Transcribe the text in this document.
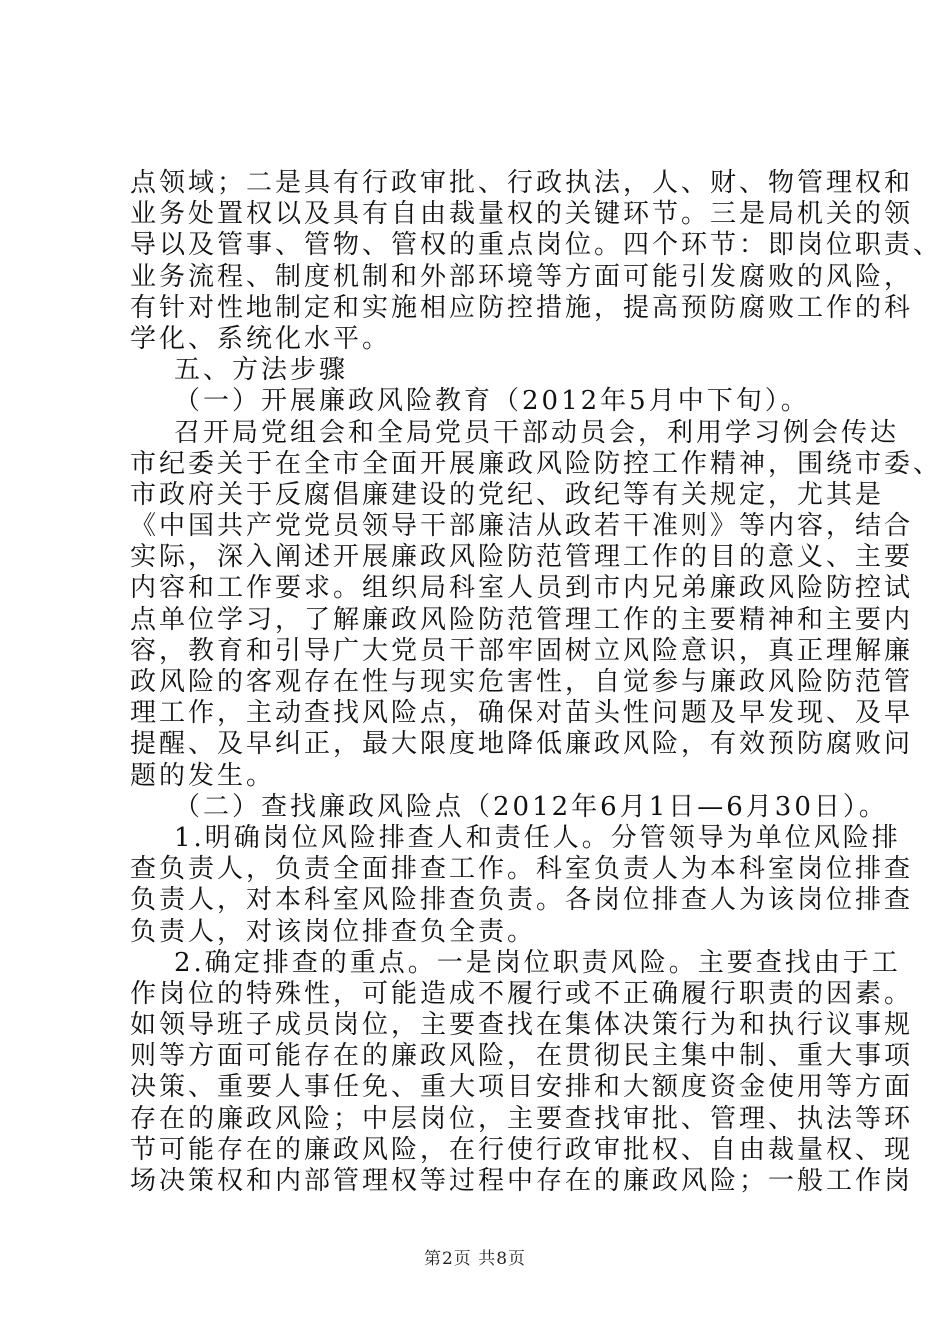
点领域；二是具有行政审批、行政执法，人、财、物管理权和
业务处置权以及具有自由裁量权的关键环节。三是局机关的领
导以及管事、管物、管权的重点岗位。四个环节：即岗位职责、
业务流程、制度机制和外部环境等方面可能引发腐败的风险，
有针对性地制定和实施相应防控措施，提高预防腐败工作的科
学化、系统化水平。
五、方法步骤
（一）开展廉政风险教育（2012年5月中下旬）。
召开局党组会和全局党员干部动员会，利用学习例会传达
市纪委关于在全市全面开展廉政风险防控工作精神，围绕市委、
市政府关于反腐倡廉建设的党纪、政纪等有关规定，尤其是
《中国共产党党员领导干部廉洁从政若干准则》等内容，结合
实际，深入阐述开展廉政风险防范管理工作的目的意义、主要
内容和工作要求。组织局科室人员到市内兄弟廉政风险防控试
点单位学习，了解廉政风险防范管理工作的主要精神和主要内
容，教育和引导广大党员干部牢固树立风险意识，真正理解廉
政风险的客观存在性与现实危害性，自觉参与廉政风险防范管
理工作，主动查找风险点，确保对苗头性问题及早发现、及早
提醒、及早纠正，最大限度地降低廉政风险，有效预防腐败问
题的发生。
（二）查找廉政风险点（2012年6月1日—6月30日）。
1.明确岗位风险排查人和责任人。分管领导为单位风险排
查负责人，负责全面排查工作。科室负责人为本科室岗位排查
负责人，对本科室风险排查负责。各岗位排查人为该岗位排查
负责人，对该岗位排查负全责。
2.确定排查的重点。一是岗位职责风险。主要查找由于工
作岗位的特殊性，可能造成不履行或不正确履行职责的因素。
如领导班子成员岗位，主要查找在集体决策行为和执行议事规
则等方面可能存在的廉政风险，在贯彻民主集中制、重大事项
决策、重要人事任免、重大项目安排和大额度资金使用等方面
存在的廉政风险；中层岗位，主要查找审批、管理、执法等环
节可能存在的廉政风险，在行使行政审批权、自由裁量权、现
场决策权和内部管理权等过程中存在的廉政风险；一般工作岗
第2页 共8页
